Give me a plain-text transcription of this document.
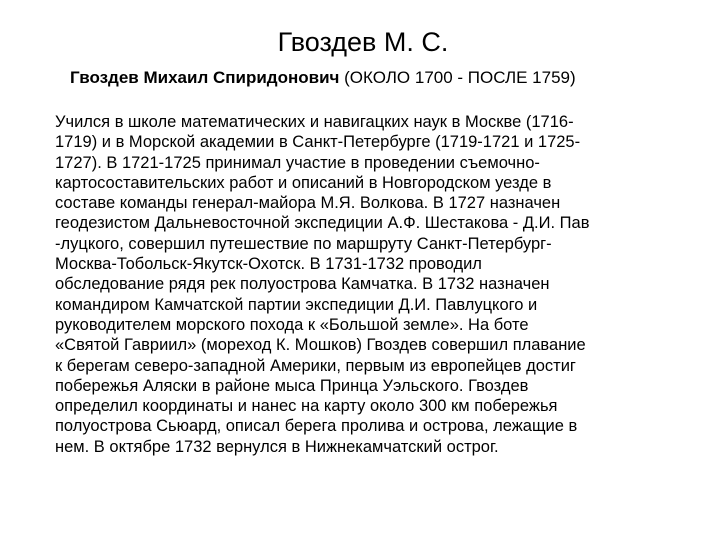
Гвоздев М. С.
Гвоздев Михаил Спиридонович (ОКОЛО 1700 - ПОСЛЕ 1759)
Учился в школе математических и навигацких наук в Москве (1716-
1719) и в Морской академии в Санкт-Петербурге (1719-1721 и 1725-
1727). В 1721-1725 принимал участие в проведении съемочно-
картосоставительских работ и описаний в Новгородском уезде в
составе команды генерал-майора М.Я. Волкова. В 1727 назначен
геодезистом Дальневосточной экспедиции А.Ф. Шестакова - Д.И. Пав
-луцкого, совершил путешествие по маршруту Санкт-Петербург-
Москва-Тобольск-Якутск-Охотск. В 1731-1732 проводил
обследование рядя рек полуострова Камчатка. В 1732 назначен
командиром Камчатской партии экспедиции Д.И. Павлуцкого и
руководителем морского похода к «Большой земле». На боте
«Святой Гавриил» (мореход К. Мошков) Гвоздев совершил плавание
к берегам северо-западной Америки, первым из европейцев достиг
побережья Аляски в районе мыса Принца Уэльского. Гвоздев
определил координаты и нанес на карту около 300 км побережья
полуострова Сьюард, описал берега пролива и острова, лежащие в
нем. В октябре 1732 вернулся в Нижнекамчатский острог.
